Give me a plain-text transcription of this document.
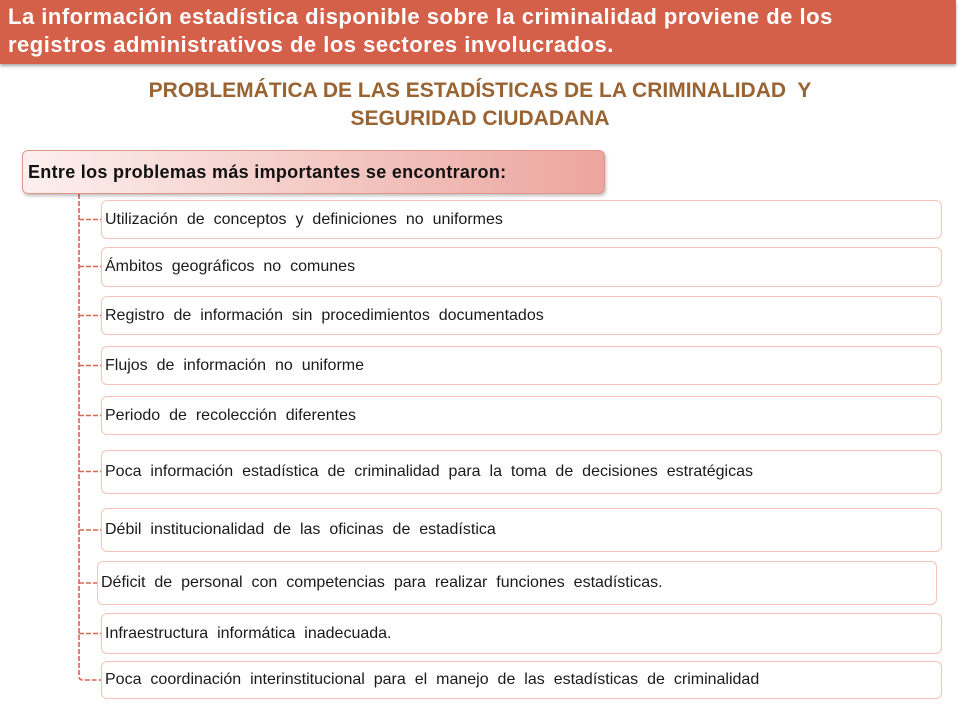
La información estadística disponible sobre la criminalidad proviene de los registros administrativos de los sectores involucrados.

PROBLEMÁTICA DE LAS ESTADÍSTICAS DE LA CRIMINALIDAD  Y SEGURIDAD CIUDADANA
Entre los problemas más importantes se encontraron:
Utilización de conceptos y definiciones no uniformes
Ámbitos geográficos no comunes
Registro de información sin procedimientos documentados
Flujos de información no uniforme
Periodo de recolección diferentes
Poca información estadística de criminalidad para la toma de decisiones estratégicas
Débil institucionalidad de las oficinas de estadística
Déficit de personal con competencias para realizar funciones estadísticas.
Infraestructura informática inadecuada.
Poca coordinación interinstitucional para el manejo de las estadísticas de criminalidad
